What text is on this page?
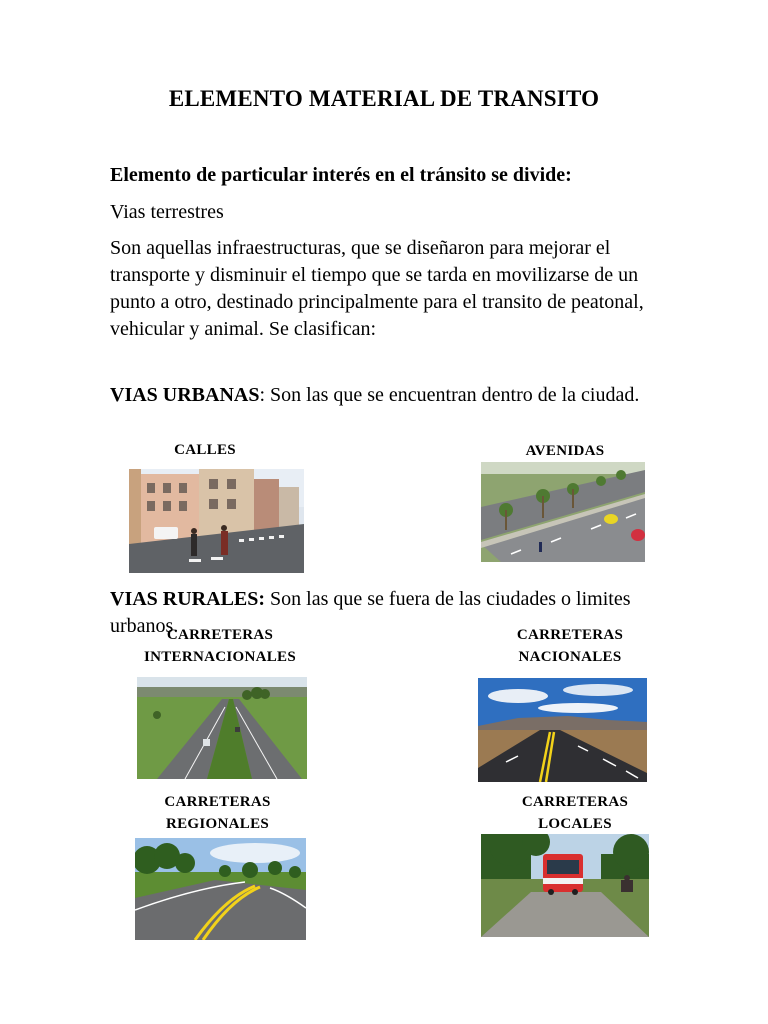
ELEMENTO MATERIAL DE TRANSITO
Elemento de particular interés en el tránsito se divide:
Vias terrestres
Son aquellas infraestructuras, que se diseñaron para mejorar el transporte y disminuir el tiempo que se tarda en movilizarse de un punto a otro, destinado principalmente para el transito de peatonal, vehicular y animal. Se clasifican:
VIAS URBANAS: Son las que se encuentran dentro de la ciudad.
CALLES	AVENIDAS
VIAS RURALES: Son las que se fuera de las ciudades o limites urbanos.
CARRETERAS INTERNACIONALES
CARRETERAS NACIONALES
CARRETERAS REGIONALES
CARRETERAS LOCALES
